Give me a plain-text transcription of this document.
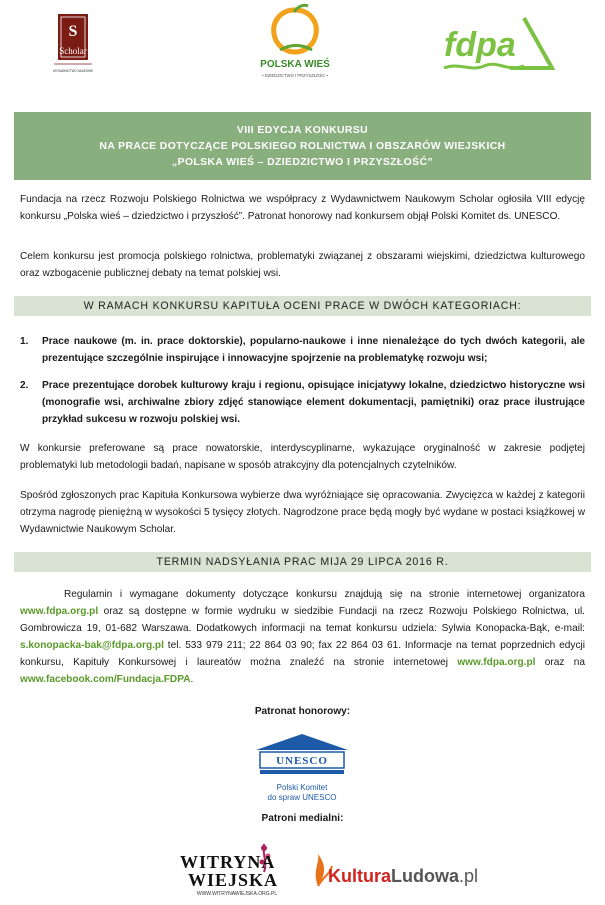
S
Scholar
WYDAWNICTWO NAUKOWE
POLSKA WIEŚ
• DZIEDZICTWO I PRZYSZŁOŚĆ •
fdpa
VIII EDYCJA KONKURSU
NA PRACE DOTYCZĄCE POLSKIEGO ROLNICTWA I OBSZARÓW WIEJSKICH
„POLSKA WIEŚ – DZIEDZICTWO I PRZYSZŁOŚĆ”
Fundacja na rzecz Rozwoju Polskiego Rolnictwa we współpracy z Wydawnictwem Naukowym Scholar ogłosiła VIII edycję konkursu „Polska wieś – dziedzictwo i przyszłość”. Patronat honorowy nad konkursem objął Polski Komitet ds. UNESCO.
Celem konkursu jest promocja polskiego rolnictwa, problematyki związanej z obszarami wiejskimi, dziedzictwa kulturowego oraz wzbogacenie publicznej debaty na temat polskiej wsi.
W RAMACH KONKURSU KAPITUŁA OCENI PRACE W DWÓCH KATEGORIACH:
1.	Prace naukowe (m. in. prace doktorskie), popularno-naukowe i inne nienależące do tych dwóch kategorii, ale prezentujące szczególnie inspirujące i innowacyjne spojrzenie na problematykę rozwoju wsi;
2.	Prace prezentujące dorobek kulturowy kraju i regionu, opisujące inicjatywy lokalne, dziedzictwo historyczne wsi (monografie wsi, archiwalne zbiory zdjęć stanowiące element dokumentacji, pamiętniki) oraz prace ilustrujące przykład sukcesu w rozwoju polskiej wsi.
W konkursie preferowane są prace nowatorskie, interdyscyplinarne, wykazujące oryginalność w zakresie podjętej problematyki lub metodologii badań, napisane w sposób atrakcyjny dla potencjalnych czytelników.
Spośród zgłoszonych prac Kapituła Konkursowa wybierze dwa wyróżniające się opracowania. Zwycięzca w każdej z kategorii otrzyma nagrodę pieniężną w wysokości 5 tysięcy złotych. Nagrodzone prace będą mogły być wydane w postaci książkowej w Wydawnictwie Naukowym Scholar.
TERMIN NADSYŁANIA PRAC MIJA 29 LIPCA 2016 R.
Regulamin i wymagane dokumenty dotyczące konkursu znajdują się na stronie internetowej organizatora www.fdpa.org.pl oraz są dostępne w formie wydruku w siedzibie Fundacji na rzecz Rozwoju Polskiego Rolnictwa, ul. Gombrowicza 19, 01-682 Warszawa. Dodatkowych informacji na temat konkursu udziela: Sylwia Konopacka-Bąk, e-mail: s.konopacka-bak@fdpa.org.pl tel. 533 979 211; 22 864 03 90; fax 22 864 03 61. Informacje na temat poprzednich edycji konkursu, Kapituły Konkursowej i laureatów można znaleźć na stronie internetowej www.fdpa.org.pl oraz na www.facebook.com/Fundacja.FDPA.
Patronat honorowy:
UNESCO
Polski Komitet
do spraw UNESCO
Patroni medialni:
WITRYNA
WIEJSKA
WWW.WITRYNAWIEJSKA.ORG.PL
KulturaLudowa.pl
